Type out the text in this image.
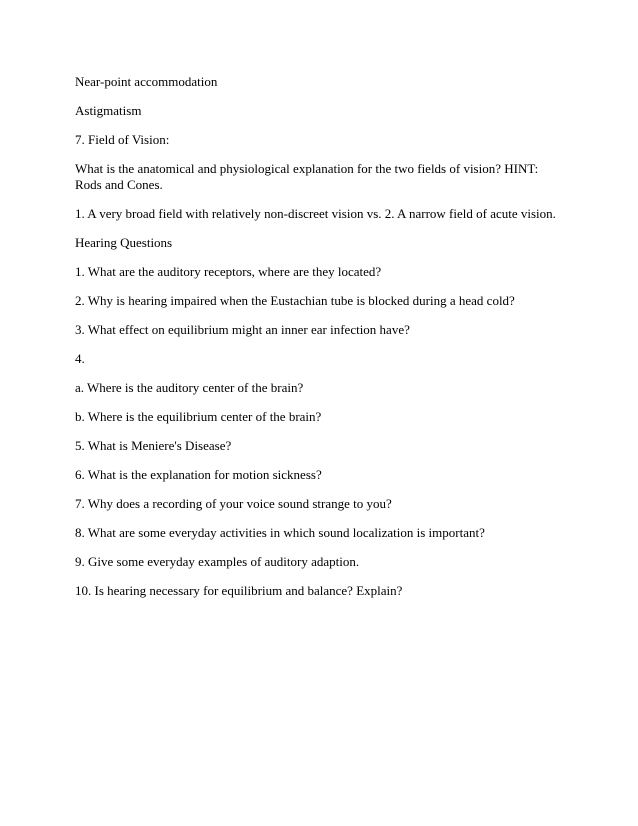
Near-point accommodation

Astigmatism

7. Field of Vision:

What is the anatomical and physiological explanation for the two fields of vision? HINT: Rods and Cones.

1. A very broad field with relatively non-discreet vision vs. 2. A narrow field of acute vision.

Hearing Questions

1. What are the auditory receptors, where are they located?

2. Why is hearing impaired when the Eustachian tube is blocked during a head cold?

3. What effect on equilibrium might an inner ear infection have?

4.

a. Where is the auditory center of the brain?

b. Where is the equilibrium center of the brain?

5. What is Meniere's Disease?

6. What is the explanation for motion sickness?

7. Why does a recording of your voice sound strange to you?

8. What are some everyday activities in which sound localization is important?

9. Give some everyday examples of auditory adaption.

10. Is hearing necessary for equilibrium and balance? Explain?
